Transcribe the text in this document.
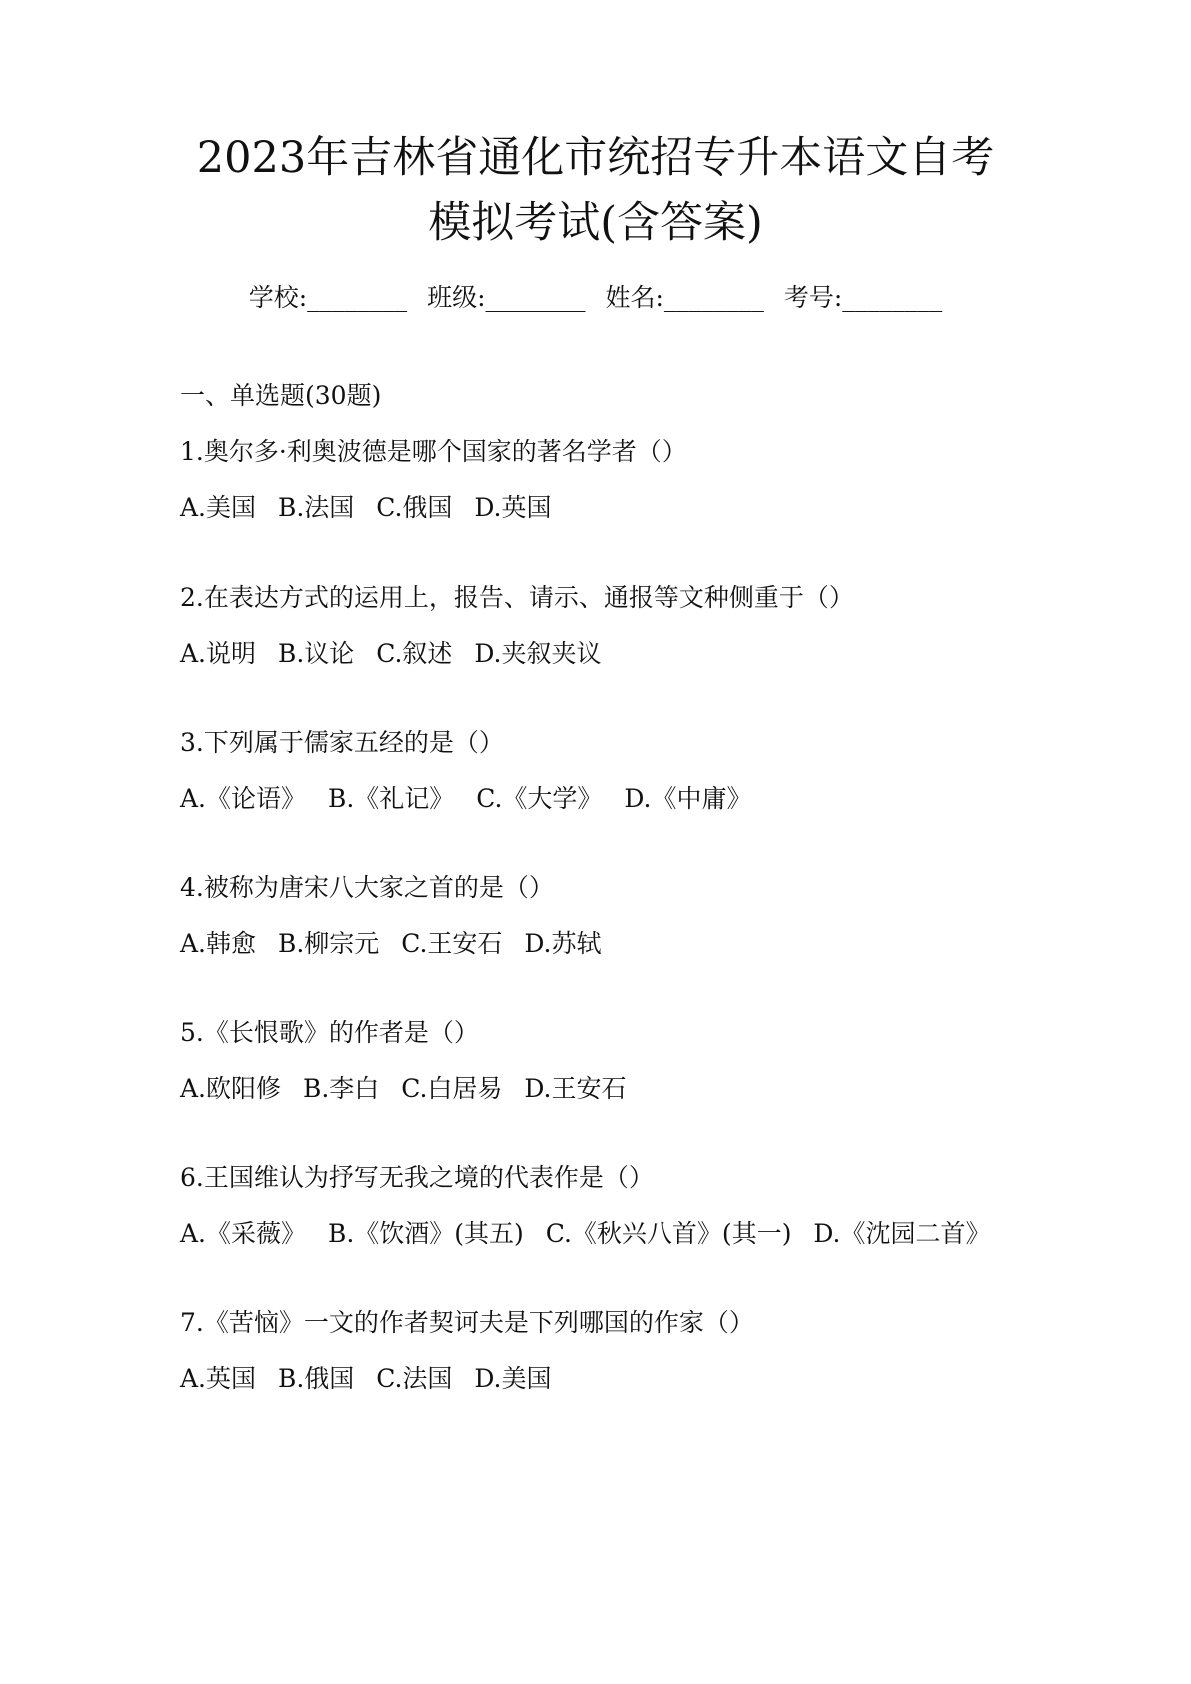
2023年吉林省通化市统招专升本语文自考
模拟考试(含答案)
学校:________ 班级:________ 姓名:________ 考号:________
一、单选题(30题)
1.奥尔多·利奥波德是哪个国家的著名学者（）
A.美国 B.法国 C.俄国 D.英国
2.在表达方式的运用上，报告、请示、通报等文种侧重于（）
A.说明 B.议论 C.叙述 D.夹叙夹议
3.下列属于儒家五经的是（）
A.《论语》 B.《礼记》 C.《大学》 D.《中庸》
4.被称为唐宋八大家之首的是（）
A.韩愈 B.柳宗元 C.王安石 D.苏轼
5.《长恨歌》的作者是（）
A.欧阳修 B.李白 C.白居易 D.王安石
6.王国维认为抒写无我之境的代表作是（）
A.《采薇》 B.《饮酒》(其五) C.《秋兴八首》(其一) D.《沈园二首》
7.《苦恼》一文的作者契诃夫是下列哪国的作家（）
A.英国 B.俄国 C.法国 D.美国
